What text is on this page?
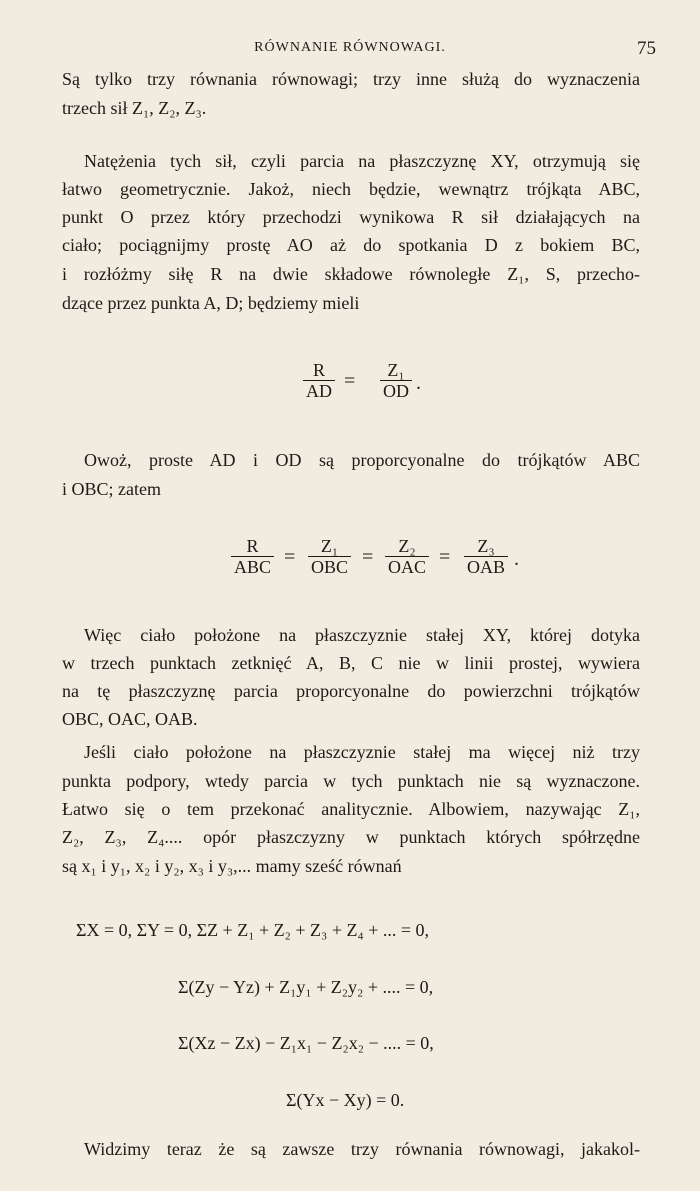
RÓWNANIE RÓWNOWAGI.	75
Są tylko trzy równania równowagi; trzy inne służą do wyznaczenia
trzech sił Z₁, Z₂, Z₃.
Natężenia tych sił, czyli parcia na płaszczyznę XY, otrzymują się
łatwo geometrycznie. Jakoż, niech będzie, wewnątrz trójkąta ABC,
punkt O przez który przechodzi wynikowa R sił działających na
ciało; pociągnijmy prostę AO aż do spotkania D z bokiem BC,
i rozłóżmy siłę R na dwie składowe równoległe Z₁, S, przecho-
dzące przez punkta A, D; będziemy mieli
$\frac{R}{AD} = \frac{\text{Z₁}}{OD}$ .
Owoż, proste AD i OD są proporcyonalne do trójkątów ABC
i OBC; zatem
R
ABC = Z₁
OBC = Z₂
OAC = Z₃
OAB .
Więc ciało położone na płaszczyznie stałej XY, której dotyka
w trzech punktach zetknięć A, B, C nie w linii prostej, wywiera
na tę płaszczyznę parcia proporcyonalne do powierzchni trójkątów
OBC, OAC, OAB.
Jeśli ciało położone na płaszczyznie stałej ma więcej niż trzy
punkta podpory, wtedy parcia w tych punktach nie są wyznaczone.
Łatwo się o tem przekonać analitycznie. Albowiem, nazywając Z₁,
Z₂, Z₃, Z₄.... opór płaszczyzny w punktach których spółrzędne
są x₁ i y₁, x₂ i y₂, x₃ i y₃,... mamy sześć równań
ΣX = 0, ΣY = 0, ΣZ + Z₁ + Z₂ + Z₃ + Z₄ + ... = 0,
Σ(Zy − Yz) + Z₁y₁ + Z₂y₂ + .... = 0,
Σ(Xz − Zx) − Z₁x₁ − Z₂x₂ − .... = 0,
Σ(Yx − Xy) = 0.
Widzimy teraz że są zawsze trzy równania równowagi, jakakol-
